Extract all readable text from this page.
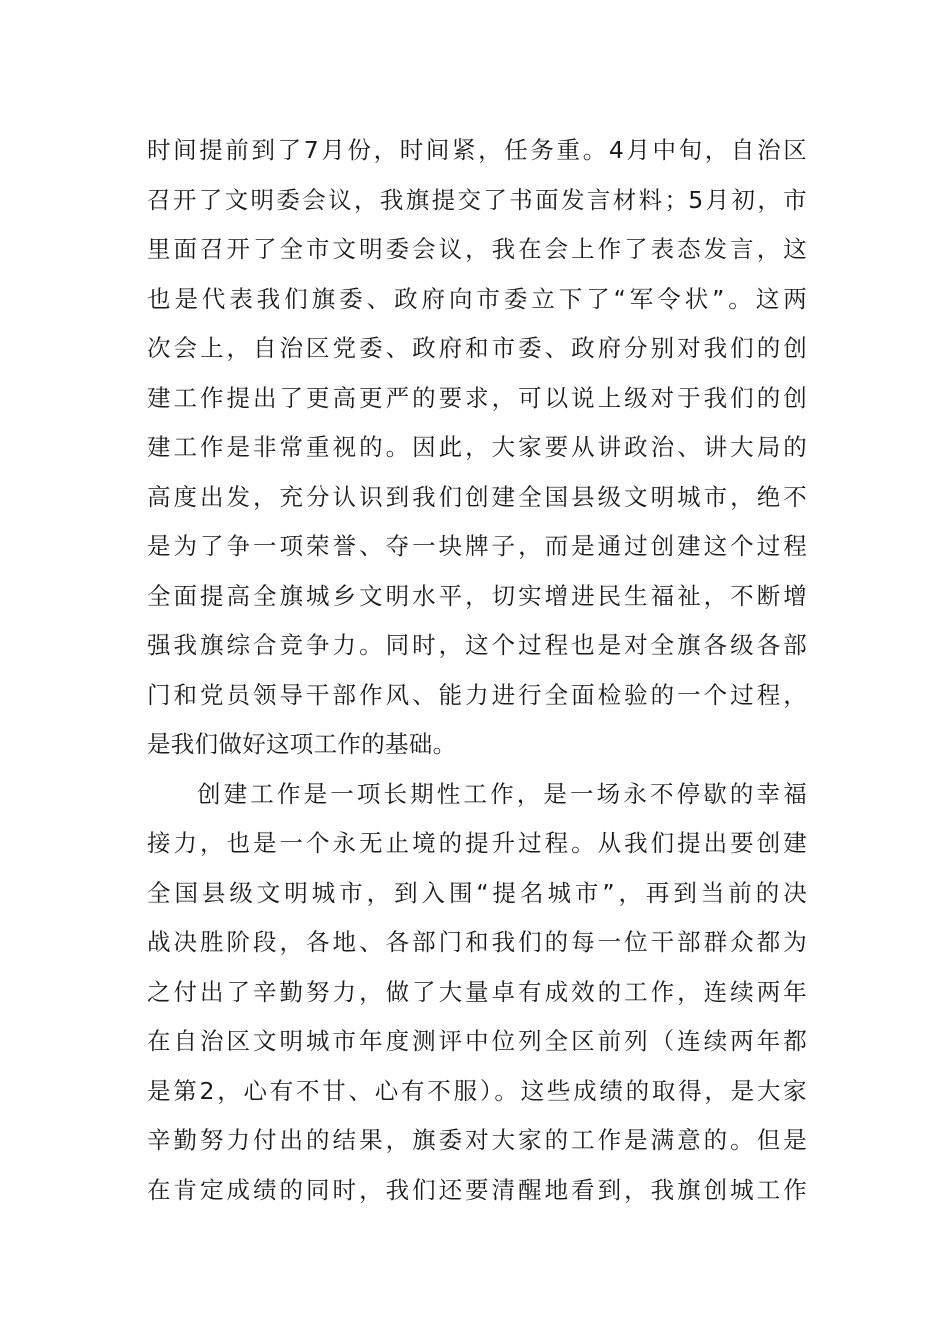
时间提前到了7月份，时间紧，任务重。4月中旬，自治区
召开了文明委会议，我旗提交了书面发言材料；5月初，市
里面召开了全市文明委会议，我在会上作了表态发言，这
也是代表我们旗委、政府向市委立下了“军令状”。这两
次会上，自治区党委、政府和市委、政府分别对我们的创
建工作提出了更高更严的要求，可以说上级对于我们的创
建工作是非常重视的。因此，大家要从讲政治、讲大局的
高度出发，充分认识到我们创建全国县级文明城市，绝不
是为了争一项荣誉、夺一块牌子，而是通过创建这个过程
全面提高全旗城乡文明水平，切实增进民生福祉，不断增
强我旗综合竞争力。同时，这个过程也是对全旗各级各部
门和党员领导干部作风、能力进行全面检验的一个过程，
是我们做好这项工作的基础。
创建工作是一项长期性工作，是一场永不停歇的幸福
接力，也是一个永无止境的提升过程。从我们提出要创建
全国县级文明城市，到入围“提名城市”，再到当前的决
战决胜阶段，各地、各部门和我们的每一位干部群众都为
之付出了辛勤努力，做了大量卓有成效的工作，连续两年
在自治区文明城市年度测评中位列全区前列（连续两年都
是第2，心有不甘、心有不服）。这些成绩的取得，是大家
辛勤努力付出的结果，旗委对大家的工作是满意的。但是
在肯定成绩的同时，我们还要清醒地看到，我旗创城工作
